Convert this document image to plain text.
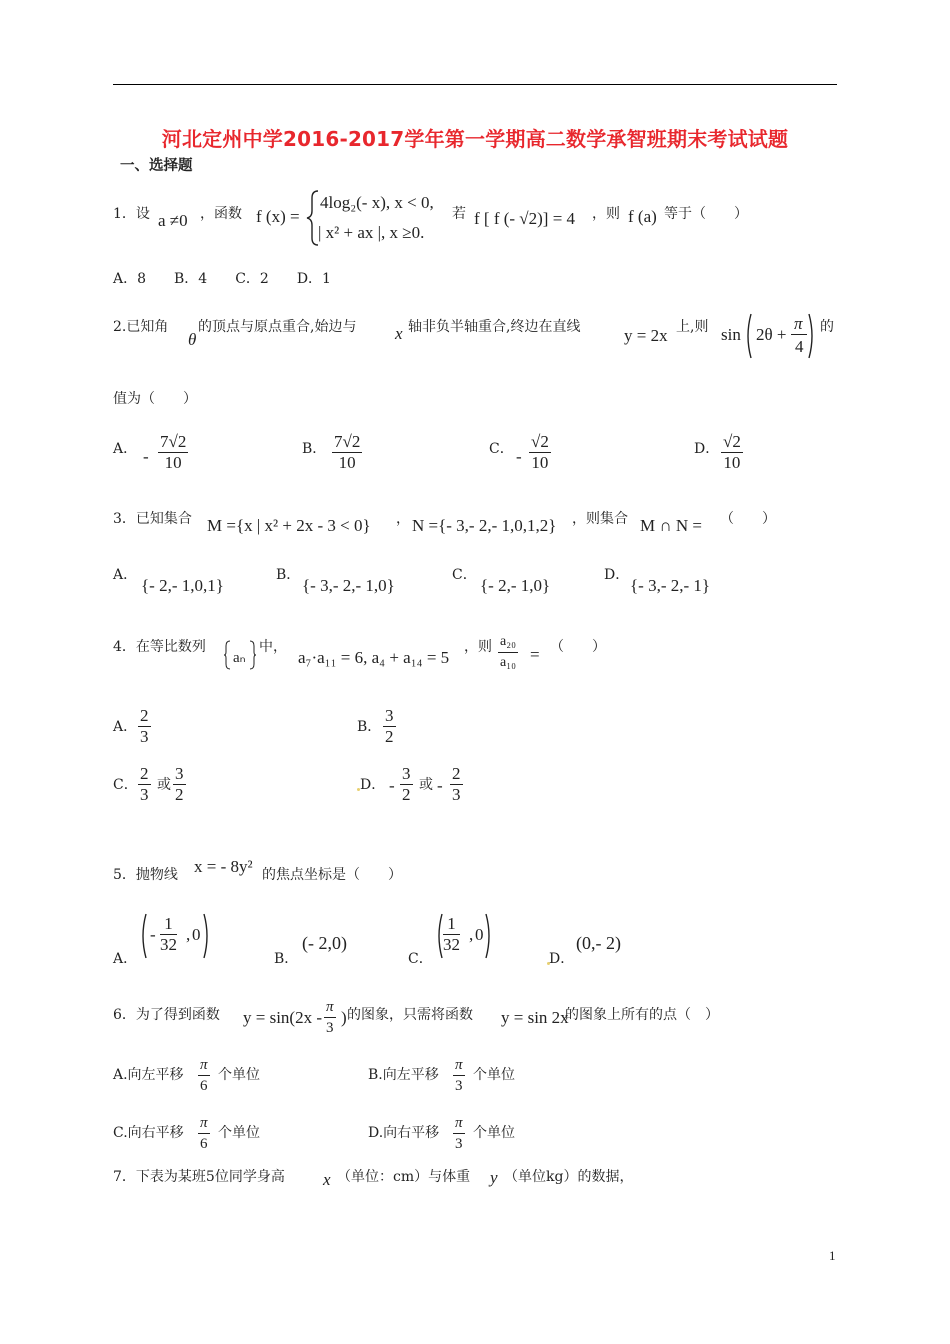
河北定州中学2016-2017学年第一学期高二数学承智班期末考试试题
一、选择题
1．设 a ≠0 ，函数 f (x) =
4log₂(- x), x < 0,
| x² + ax |, x ≥0.
若 f [ f (- √2)] = 4 ，则 f (a) 等于（　　）
A．8　　B．4　　C．2　　D．1
2.已知角
θ
的顶点与原点重合,始边与 x 轴非负半轴重合,终边在直线	y = 2x 上,则 sin 2θ +
π
4
的
值为（　　）
A． - $\frac{7√2}{10}$	B． $\frac{7√2}{10}$	C． - $\frac{√2}{10}$	D． $\frac{√2}{10}$
3．已知集合 M ={x | x² + 2x - 3 < 0} ， N ={- 3,- 2,- 1,0,1,2} ，则集合 M ∩ N = （　　）
A．
{- 2,- 1,0,1}
B．
{- 3,- 2,- 1,0}
C．
{- 2,- 1,0}
D．
{- 3,- 2,- 1}
4．在等比数列
aₙ
中，
a₇·a₁₁ = 6, a₄ + a₁₄ = 5
，则 $\frac{\text{a₂₀}}{\text{a₁₀}}$ = （　　）
A． $\frac{2}{3}$	B． $\frac{3}{2}$
C． $\frac{2}{3}$ 或 $\frac{3}{2}$	D． - $\frac{3}{2}$ 或 - $\frac{2}{3}$
5．抛物线 x = - 8y² 的焦点坐标是（　　）
A．
- $\frac{1}{32}$ , 0
B．
(- 2,0)
C．
$\frac{1}{32}$ , 0
D．
(0,- 2)
6．为了得到函数 $y = \sin(2x - \frac{\pi}{3}$ ) 的图象，只需将函数 y = sin 2x
的图象上所有的点（　）
A.向左平移 $\frac{\pi}{6}$ 个单位	B.向左平移 $\frac{\pi}{3}$ 个单位
C.向右平移 $\frac{\pi}{6}$ 个单位	D.向右平移 $\frac{\pi}{3}$ 个单位
7．下表为某班5位同学身高 x （单位：cm）与体重 y （单位kg）的数据，
1
